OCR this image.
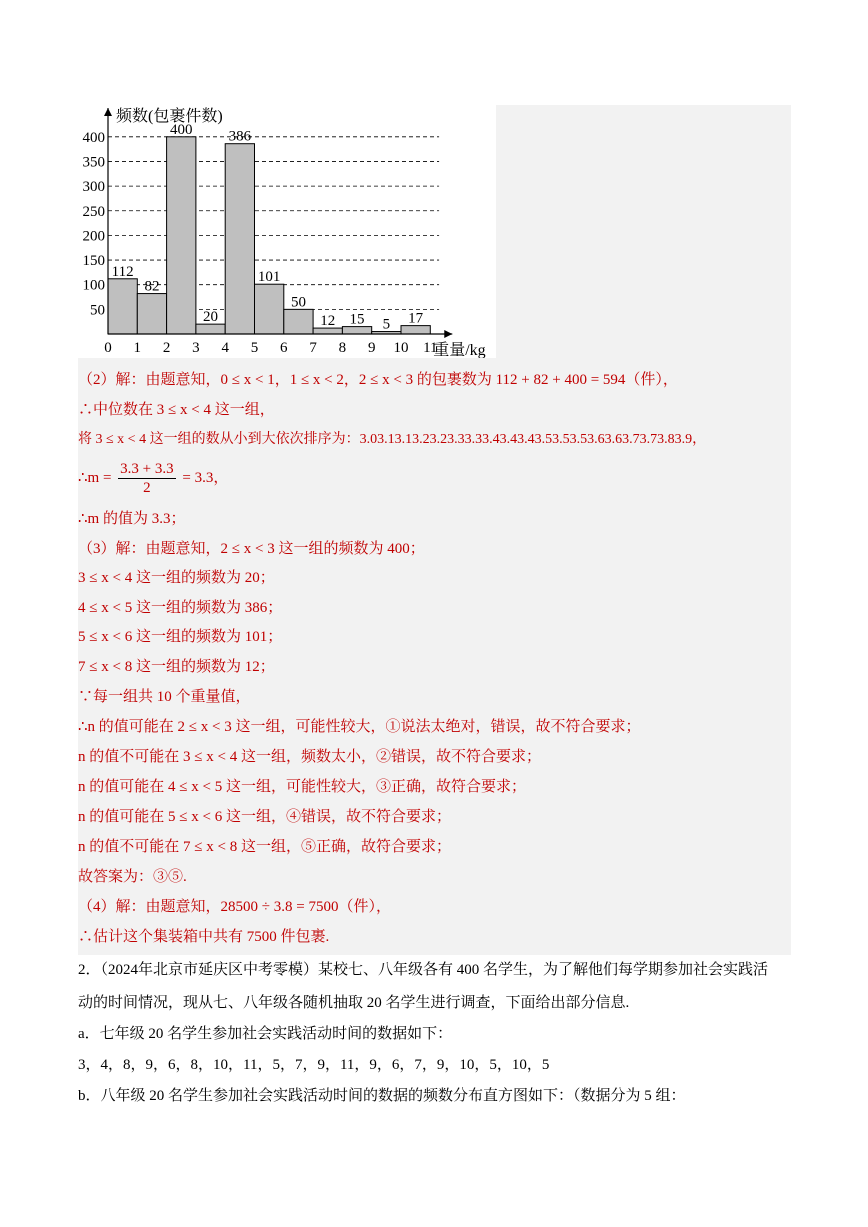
50
100
150
200
250
300
350
400
112
82
400
20
386
101
50
12 15 5 17
频数(包裹件数)
重量/kg
0 1 2 3 4 5 6 7 8 9 10 11
（2）解：由题意知，0 ≤ x < 1，1 ≤ x < 2，2 ≤ x < 3 的包裹数为 112 + 82 + 400 = 594（件），
∴中位数在 3 ≤ x < 4 这一组，
将 3 ≤ x < 4 这一组的数从小到大依次排序为：3.03.13.13.23.23.33.33.43.43.43.53.53.53.63.63.73.73.83.9，
∴m = $\frac{3.3 + 3.3}{2} = 3.3$，
∴m 的值为 3.3；
（3）解：由题意知，2 ≤ x < 3 这一组的频数为 400；
3 ≤ x < 4 这一组的频数为 20；
4 ≤ x < 5 这一组的频数为 386；
5 ≤ x < 6 这一组的频数为 101；
7 ≤ x < 8 这一组的频数为 12；
∵每一组共 10 个重量值，
∴n 的值可能在 2 ≤ x < 3 这一组，可能性较大，①说法太绝对，错误，故不符合要求；
n 的值不可能在 3 ≤ x < 4 这一组，频数太小，②错误，故不符合要求；
n 的值可能在 4 ≤ x < 5 这一组，可能性较大，③正确，故符合要求；
n 的值可能在 5 ≤ x < 6 这一组，④错误，故不符合要求；
n 的值不可能在 7 ≤ x < 8 这一组，⑤正确，故符合要求；
故答案为：③⑤.
（4）解：由题意知，28500 ÷ 3.8 = 7500（件），
∴估计这个集装箱中共有 7500 件包裹.
2．（2024年北京市延庆区中考零模）某校七、八年级各有 400 名学生，为了解他们每学期参加社会实践活
动的时间情况，现从七、八年级各随机抽取 20 名学生进行调查，下面给出部分信息.
a．七年级 20 名学生参加社会实践活动时间的数据如下：
3，4，8，9，6，8，10，11，5，7，9，11，9，6，7，9，10，5，10，5
b．八年级 20 名学生参加社会实践活动时间的数据的频数分布直方图如下：（数据分为 5 组：
